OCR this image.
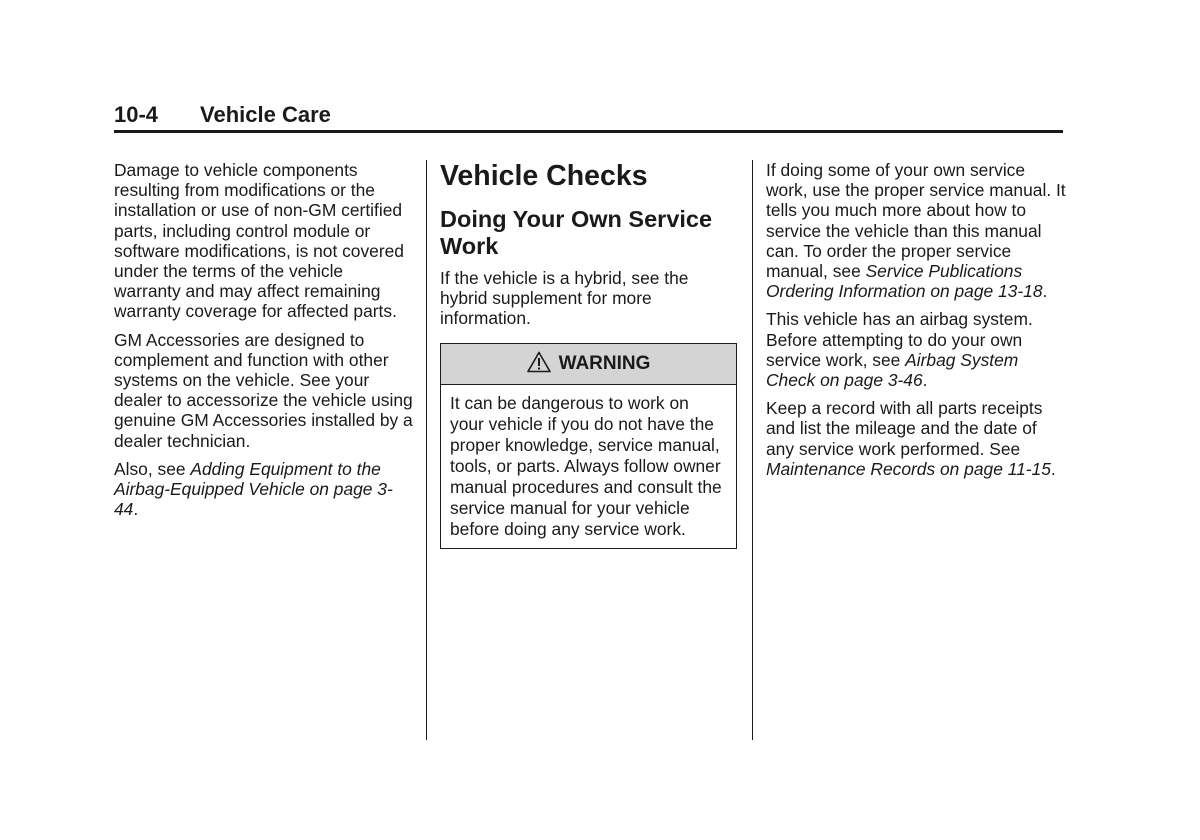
10-4 Vehicle Care

Damage to vehicle components resulting from modifications or the installation or use of non-GM certified parts, including control module or software modifications, is not covered under the terms of the vehicle warranty and may affect remaining warranty coverage for affected parts.

GM Accessories are designed to complement and function with other systems on the vehicle. See your dealer to accessorize the vehicle using genuine GM Accessories installed by a dealer technician.

Also, see Adding Equipment to the Airbag-Equipped Vehicle on page 3-44.

Vehicle Checks
Doing Your Own Service Work

If the vehicle is a hybrid, see the hybrid supplement for more information.

WARNING
It can be dangerous to work on your vehicle if you do not have the proper knowledge, service manual, tools, or parts. Always follow owner manual procedures and consult the service manual for your vehicle before doing any service work.

If doing some of your own service work, use the proper service manual. It tells you much more about how to service the vehicle than this manual can. To order the proper service manual, see Service Publications Ordering Information on page 13-18.

This vehicle has an airbag system. Before attempting to do your own service work, see Airbag System Check on page 3-46.

Keep a record with all parts receipts and list the mileage and the date of any service work performed. See Maintenance Records on page 11-15.
